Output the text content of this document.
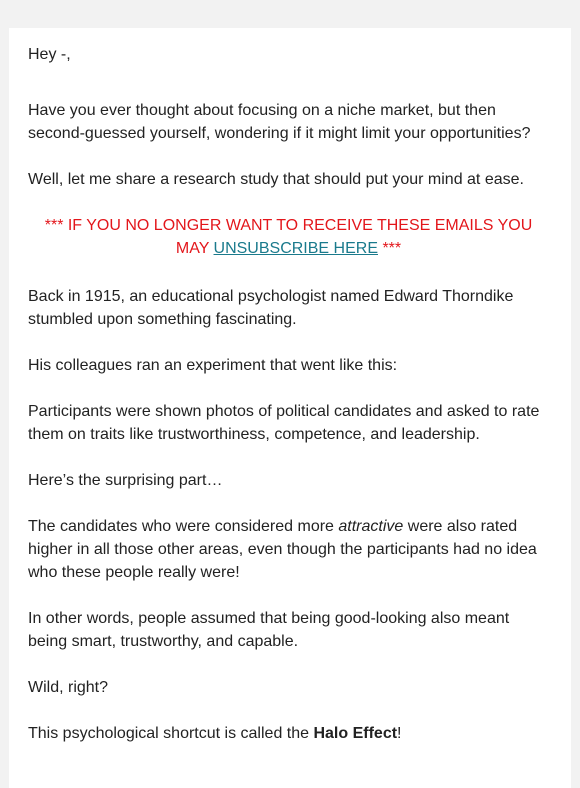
Hey -,

Have you ever thought about focusing on a niche market, but then second-guessed yourself, wondering if it might limit your opportunities?

Well, let me share a research study that should put your mind at ease.

*** IF YOU NO LONGER WANT TO RECEIVE THESE EMAILS YOU MAY UNSUBSCRIBE HERE ***

Back in 1915, an educational psychologist named Edward Thorndike stumbled upon something fascinating.

His colleagues ran an experiment that went like this:

Participants were shown photos of political candidates and asked to rate them on traits like trustworthiness, competence, and leadership.

Here’s the surprising part…

The candidates who were considered more attractive were also rated higher in all those other areas, even though the participants had no idea who these people really were!

In other words, people assumed that being good-looking also meant being smart, trustworthy, and capable.

Wild, right?

This psychological shortcut is called the Halo Effect!
